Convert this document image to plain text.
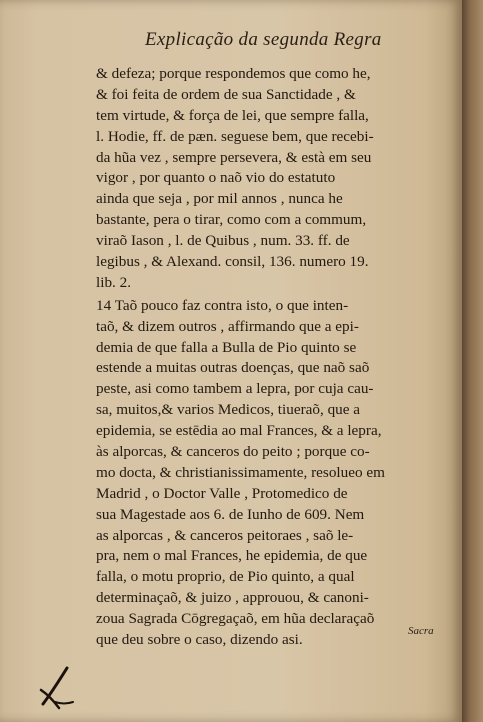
Explicação da segunda Regra
& defeza; porque respondemos que como he,
& foi feita de ordem de sua Sanctidade , &
tem virtude, & força de lei, que sempre falla,
l. Hodie, ff. de pæn. seguese bem, que recebi-
da hũa vez , sempre persevera, & està em seu
vigor , por quanto o naõ vio do estatuto
ainda que seja , por mil annos , nunca he
bastante, pera o tirar, como com a commum,
viraõ Iason , l. de Quibus , num. 33. ff. de
legibus , & Alexand. consil, 136. numero 19.
lib. 2.
14 Taõ pouco faz contra isto, o que inten-
taõ, & dizem outros , affirmando que a epi-
demia de que falla a Bulla de Pio quinto se
estende a muitas outras doenças, que naõ saõ
peste, asi como tambem a lepra, por cuja cau-
sa, muitos,& varios Medicos, tiueraõ, que a
epidemia, se estēdia ao mal Frances, & a lepra,
às alporcas, & canceros do peito ; porque co-
mo docta, & christianissimamente, resolueo em
Madrid , o Doctor Valle , Protomedico de
sua Magestade aos 6. de Iunho de 609. Nem
as alporcas , & canceros peitoraes , saõ le-
pra, nem o mal Frances, he epidemia, de que
falla, o motu proprio, de Pio quinto, a qual
determinaçaõ, & juizo , approuou, & canoni-
zoua Sagrada Cōgregaçaõ, em hũa declaraçaõ
que deu sobre o caso, dizendo asi.
Sacra
